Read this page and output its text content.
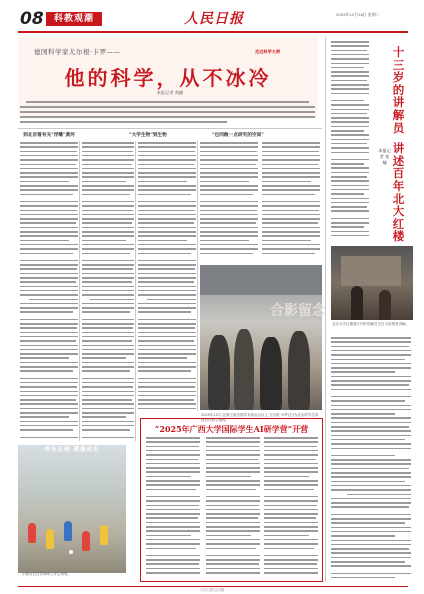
08	科教观潮	人民日报	2025年12月16日 星期二
德国科学家尤尔根·卡罗——	走近科学大师
他的科学，从不冰冷
本报记者 黄鹂
到北京看有关"浮雕"黄河	"大学生物"到生物	"也同敞一点研究的空间"
合影留念
2025年12月,在第五届全国学术前沿会议上,尤尔根·卡罗(左)为北京的学生讲授自然科学课程。
快乐足球 健康成长
小朋友们在足球场上开心玩耍。
“2025年广西大学国际学生AI研学营”开营
十三岁的讲解员
本报记者 张楠
北京大学红楼展厅内的讲解员正在为参观者讲解。
人民日报社出版
讲述百年北大红楼
